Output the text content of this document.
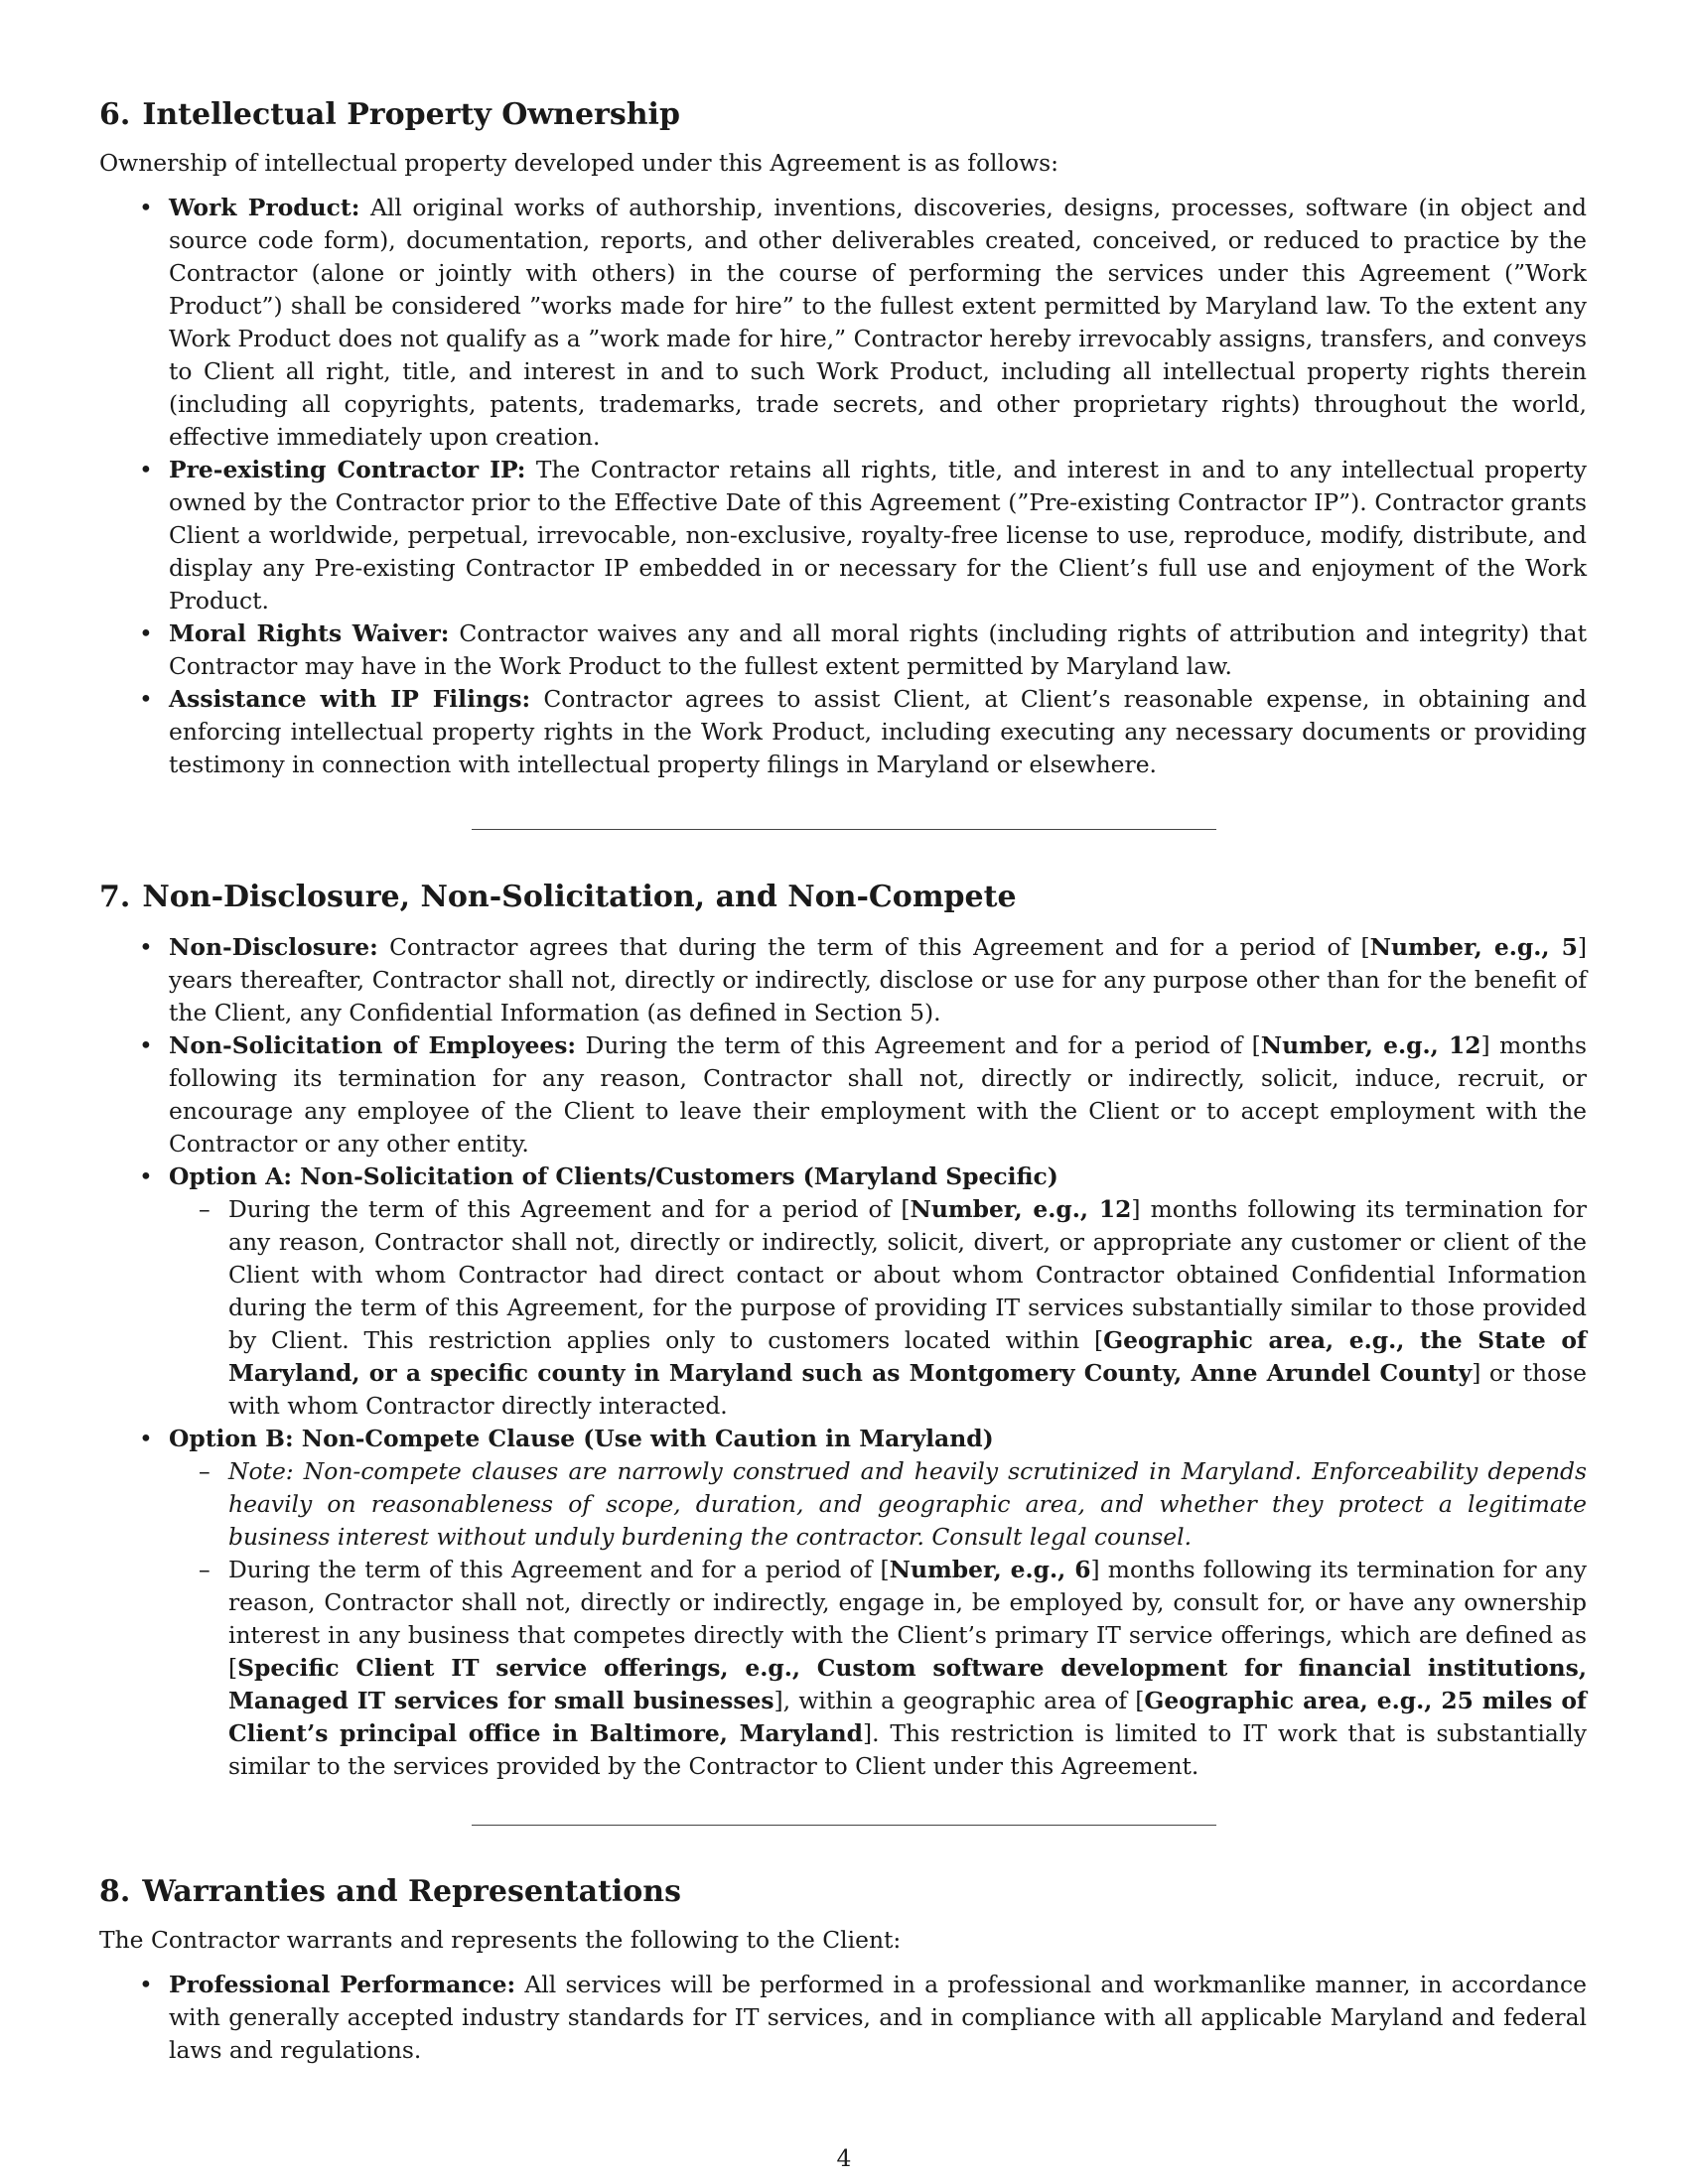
6. Intellectual Property Ownership

Ownership of intellectual property developed under this Agreement is as follows:

• Work Product: All original works of authorship, inventions, discoveries, designs, processes, software (in object and source code form), documentation, reports, and other deliverables created, conceived, or reduced to practice by the Contractor (alone or jointly with others) in the course of performing the services under this Agreement (”Work Product”) shall be considered ”works made for hire” to the fullest extent permitted by Maryland law. To the extent any Work Product does not qualify as a ”work made for hire,” Contractor hereby irrevocably assigns, transfers, and conveys to Client all right, title, and interest in and to such Work Product, including all intellectual property rights therein (including all copyrights, patents, trademarks, trade secrets, and other proprietary rights) throughout the world, effective immediately upon creation.
• Pre-existing Contractor IP: The Contractor retains all rights, title, and interest in and to any intellectual property owned by the Contractor prior to the Effective Date of this Agreement (”Pre-existing Contractor IP”). Contractor grants Client a worldwide, perpetual, irrevocable, non-exclusive, royalty-free license to use, reproduce, modify, distribute, and display any Pre-existing Contractor IP embedded in or necessary for the Client’s full use and enjoyment of the Work Product.
• Moral Rights Waiver: Contractor waives any and all moral rights (including rights of attribution and integrity) that Contractor may have in the Work Product to the fullest extent permitted by Maryland law.
• Assistance with IP Filings: Contractor agrees to assist Client, at Client’s reasonable expense, in obtaining and enforcing intellectual property rights in the Work Product, including executing any necessary documents or providing testimony in connection with intellectual property filings in Maryland or elsewhere.
7. Non-Disclosure, Non-Solicitation, and Non-Compete
• Non-Disclosure: Contractor agrees that during the term of this Agreement and for a period of [Number, e.g., 5] years thereafter, Contractor shall not, directly or indirectly, disclose or use for any purpose other than for the benefit of the Client, any Confidential Information (as defined in Section 5).
• Non-Solicitation of Employees: During the term of this Agreement and for a period of [Number, e.g., 12] months following its termination for any reason, Contractor shall not, directly or indirectly, solicit, induce, recruit, or encourage any employee of the Client to leave their employment with the Client or to accept employment with the Contractor or any other entity.
• Option A: Non-Solicitation of Clients/Customers (Maryland Specific)
– During the term of this Agreement and for a period of [Number, e.g., 12] months following its termination for any reason, Contractor shall not, directly or indirectly, solicit, divert, or appropriate any customer or client of the Client with whom Contractor had direct contact or about whom Contractor obtained Confidential Information during the term of this Agreement, for the purpose of providing IT services substantially similar to those provided by Client. This restriction applies only to customers located within [Geographic area, e.g., the State of Maryland, or a specific county in Maryland such as Montgomery County, Anne Arundel County] or those with whom Contractor directly interacted.
• Option B: Non-Compete Clause (Use with Caution in Maryland)
– Note: Non-compete clauses are narrowly construed and heavily scrutinized in Maryland. Enforceability depends heavily on reasonableness of scope, duration, and geographic area, and whether they protect a legitimate business interest without unduly burdening the contractor. Consult legal counsel.
– During the term of this Agreement and for a period of [Number, e.g., 6] months following its termination for any reason, Contractor shall not, directly or indirectly, engage in, be employed by, consult for, or have any ownership interest in any business that competes directly with the Client’s primary IT service offerings, which are defined as [Specific Client IT service offerings, e.g., Custom software development for financial institutions, Managed IT services for small businesses], within a geographic area of [Geographic area, e.g., 25 miles of Client’s principal office in Baltimore, Maryland]. This restriction is limited to IT work that is substantially similar to the services provided by the Contractor to Client under this Agreement.
8. Warranties and Representations

The Contractor warrants and represents the following to the Client:

• Professional Performance: All services will be performed in a professional and workmanlike manner, in accordance with generally accepted industry standards for IT services, and in compliance with all applicable Maryland and federal laws and regulations.
4
